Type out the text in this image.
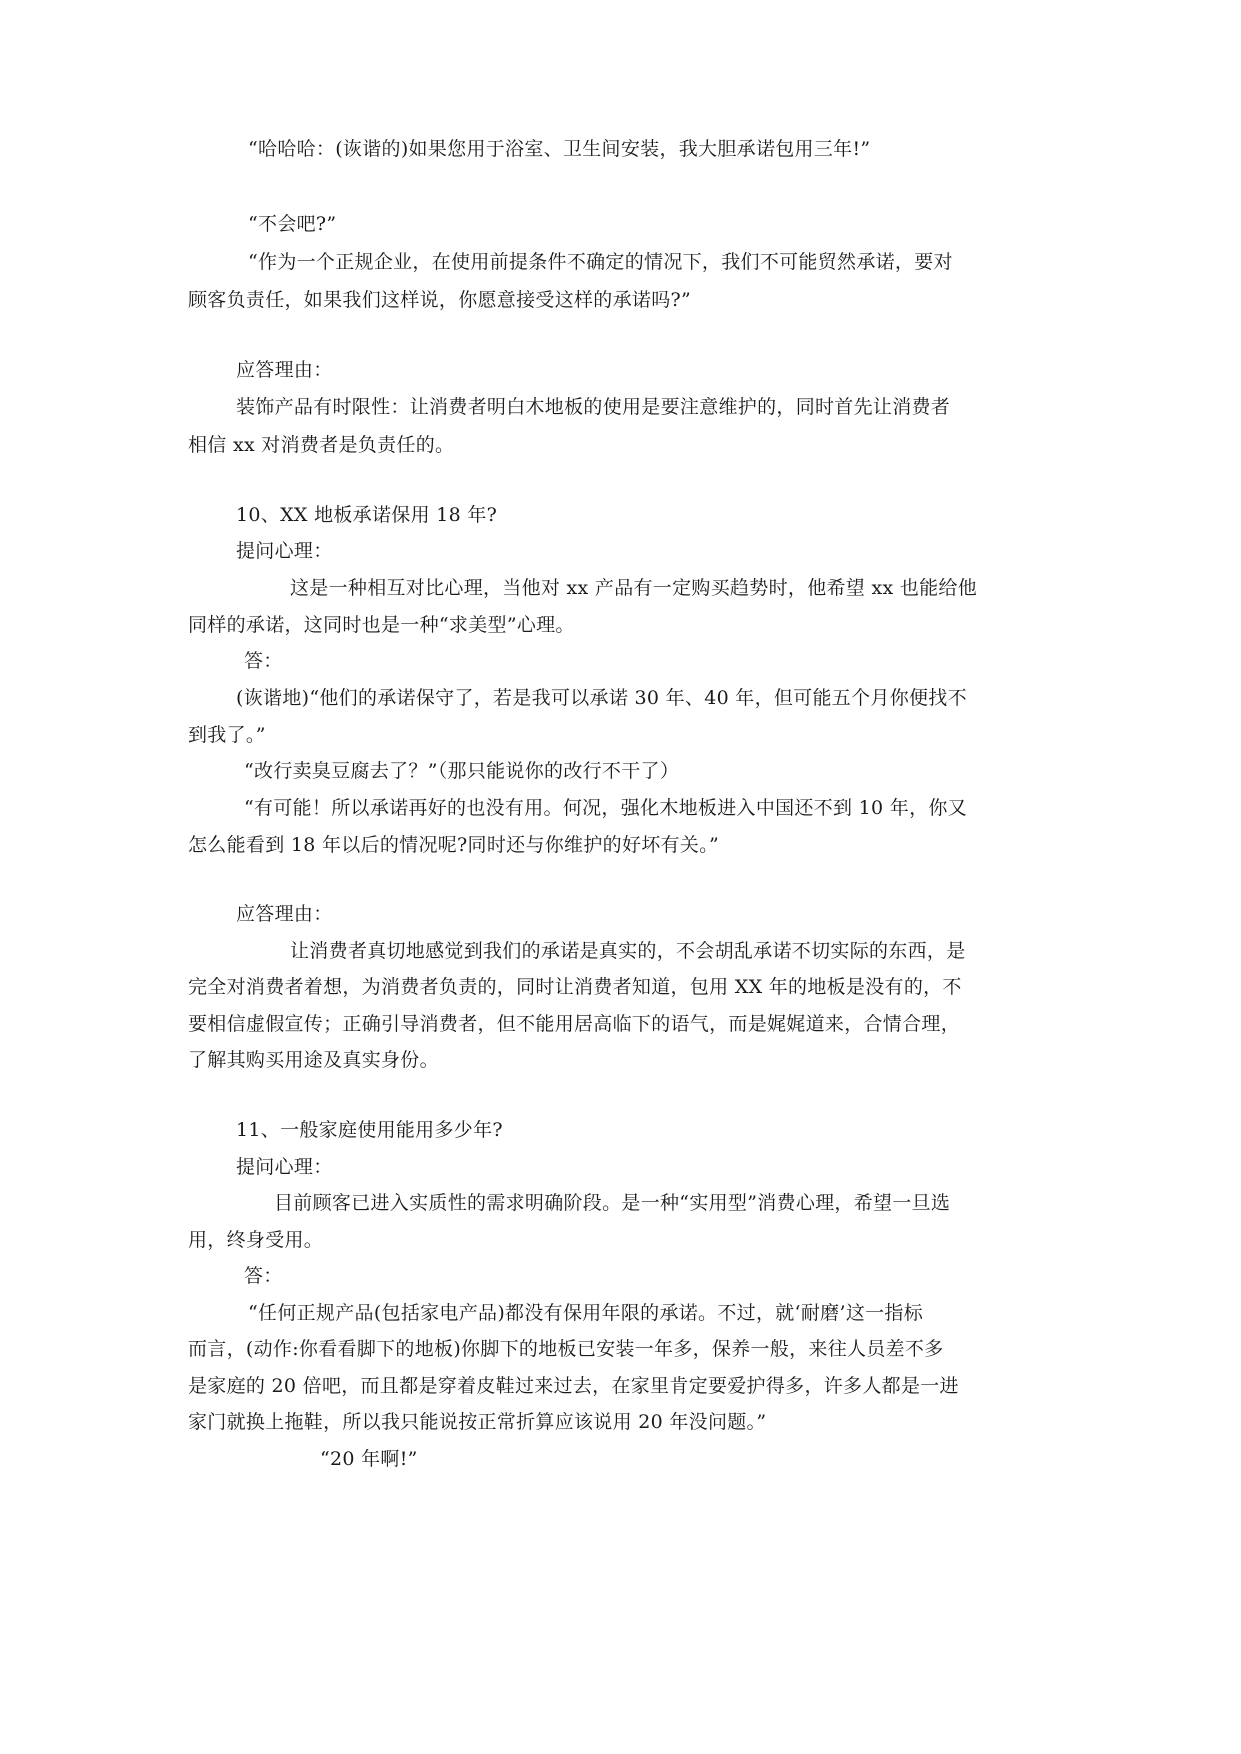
“哈哈哈：(诙谐的)如果您用于浴室、卫生间安装，我大胆承诺包用三年!”
“不会吧?”
“作为一个正规企业，在使用前提条件不确定的情况下，我们不可能贸然承诺，要对
顾客负责任，如果我们这样说，你愿意接受这样的承诺吗?”
应答理由：
装饰产品有时限性：让消费者明白木地板的使用是要注意维护的，同时首先让消费者
相信 xx 对消费者是负责任的。
10、XX 地板承诺保用 18 年?
提问心理：
这是一种相互对比心理，当他对 xx 产品有一定购买趋势时，他希望 xx 也能给他
同样的承诺，这同时也是一种“求美型”心理。
答：
(诙谐地)“他们的承诺保守了，若是我可以承诺 30 年、40 年，但可能五个月你便找不
到我了。”
“改行卖臭豆腐去了？”（那只能说你的改行不干了）
“有可能！所以承诺再好的也没有用。何况，强化木地板进入中国还不到 10 年，你又
怎么能看到 18 年以后的情况呢?同时还与你维护的好坏有关。”
应答理由：
让消费者真切地感觉到我们的承诺是真实的，不会胡乱承诺不切实际的东西，是
完全对消费者着想，为消费者负责的，同时让消费者知道，包用 XX 年的地板是没有的，不
要相信虚假宣传；正确引导消费者，但不能用居高临下的语气，而是娓娓道来，合情合理，
了解其购买用途及真实身份。
11、一般家庭使用能用多少年?
提问心理：
目前顾客已进入实质性的需求明确阶段。是一种“实用型”消费心理，希望一旦选
用，终身受用。
答：
“任何正规产品(包括家电产品)都没有保用年限的承诺。不过，就‘耐磨’这一指标
而言，(动作:你看看脚下的地板)你脚下的地板已安装一年多，保养一般，来往人员差不多
是家庭的 20 倍吧，而且都是穿着皮鞋过来过去，在家里肯定要爱护得多，许多人都是一进
家门就换上拖鞋，所以我只能说按正常折算应该说用 20 年没问题。”
“20 年啊!”
